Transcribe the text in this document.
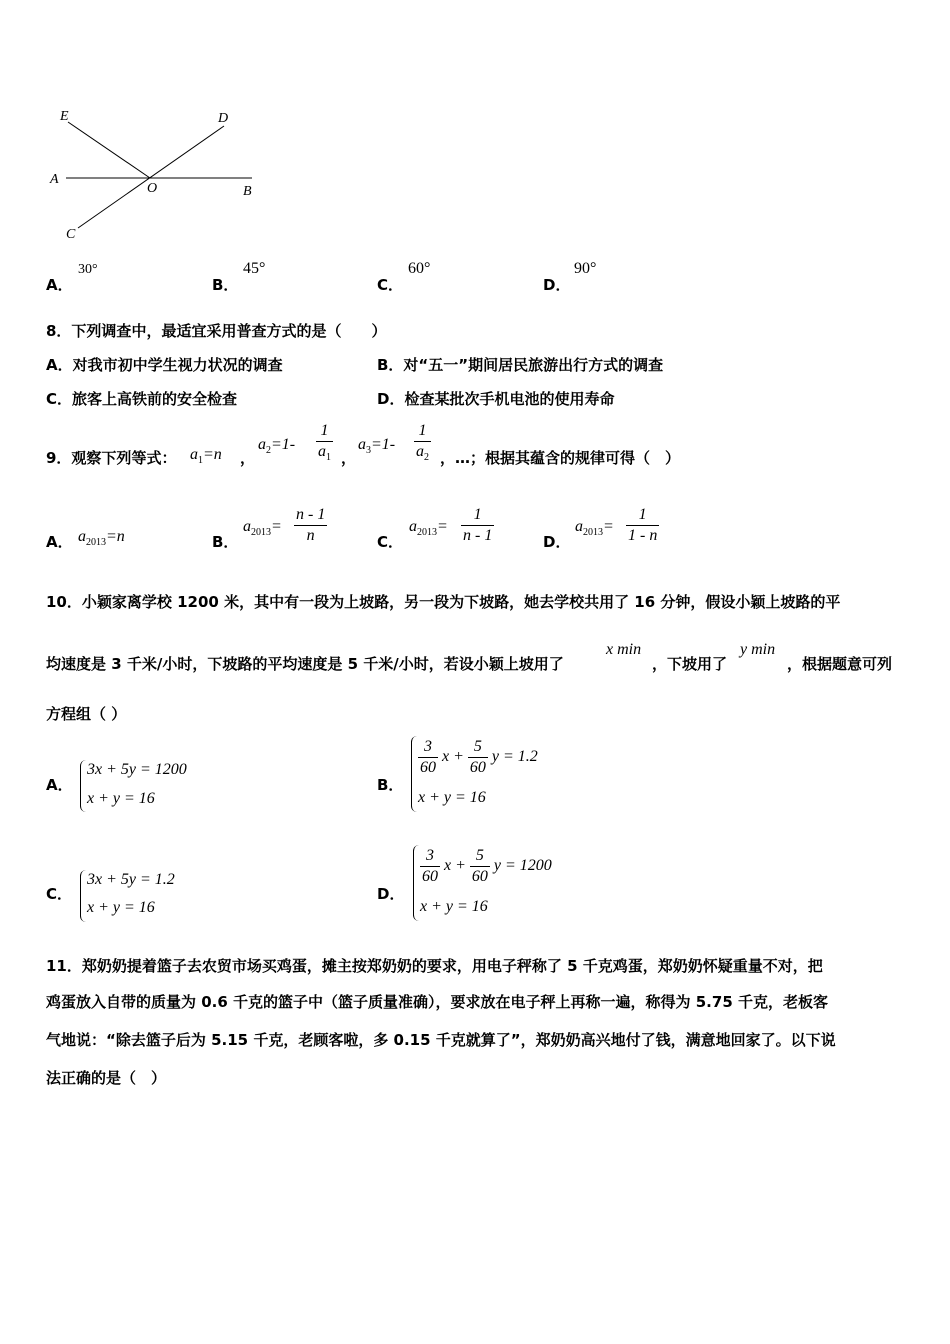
E	D
A
O	B
C
A．
30°
B．
45°
C．
60°
D．
90°
8．下列调查中，最适宜采用普查方式的是（　　）
A．对我市初中学生视力状况的调查	B．对“五一”期间居民旅游出行方式的调查
C．旅客上高铁前的安全检查	D．检查某批次手机电池的使用寿命
9．观察下列等式： $a_1=n$ ，
$a_2=1- \frac{1}{a_1}$ ，
$a_3=1- \frac{1}{a_2}$ ，…；根据其蕴含的规律可得（　）
A． $a_{2013}=n$	B．
$a_{2013}= \frac{n - 1}{n}$	C．
$a_{2013}= \frac{1}{n - 1}$	D．
$a_{2013}= \frac{1}{1 - n}$
10．小颖家离学校 1200 米，其中有一段为上坡路，另一段为下坡路，她去学校共用了 16 分钟，假设小颖上坡路的平
均速度是 3 千米/小时，下坡路的平均速度是 5 千米/小时，若设小颖上坡用了
x min
，下坡用了
y min
，根据题意可列
方程组（ ）
A．
3x + 5y = 1200
x + y = 16
B．
$\frac{3}{60}$ $x + \frac{5}{60}$ y = 1.2
x + y = 16
C．
3x + 5y = 1.2
x + y = 16
D．
$\frac{3}{60}$ $x + \frac{5}{60}$ y = 1200
x + y = 16
11．郑奶奶提着篮子去农贸市场买鸡蛋，摊主按郑奶奶的要求，用电子秤称了 5 千克鸡蛋，郑奶奶怀疑重量不对，把
鸡蛋放入自带的质量为 0.6 千克的篮子中（篮子质量准确），要求放在电子秤上再称一遍，称得为 5.75 千克，老板客
气地说：“除去篮子后为 5.15 千克，老顾客啦，多 0.15 千克就算了”，郑奶奶高兴地付了钱，满意地回家了。以下说
法正确的是（　）
